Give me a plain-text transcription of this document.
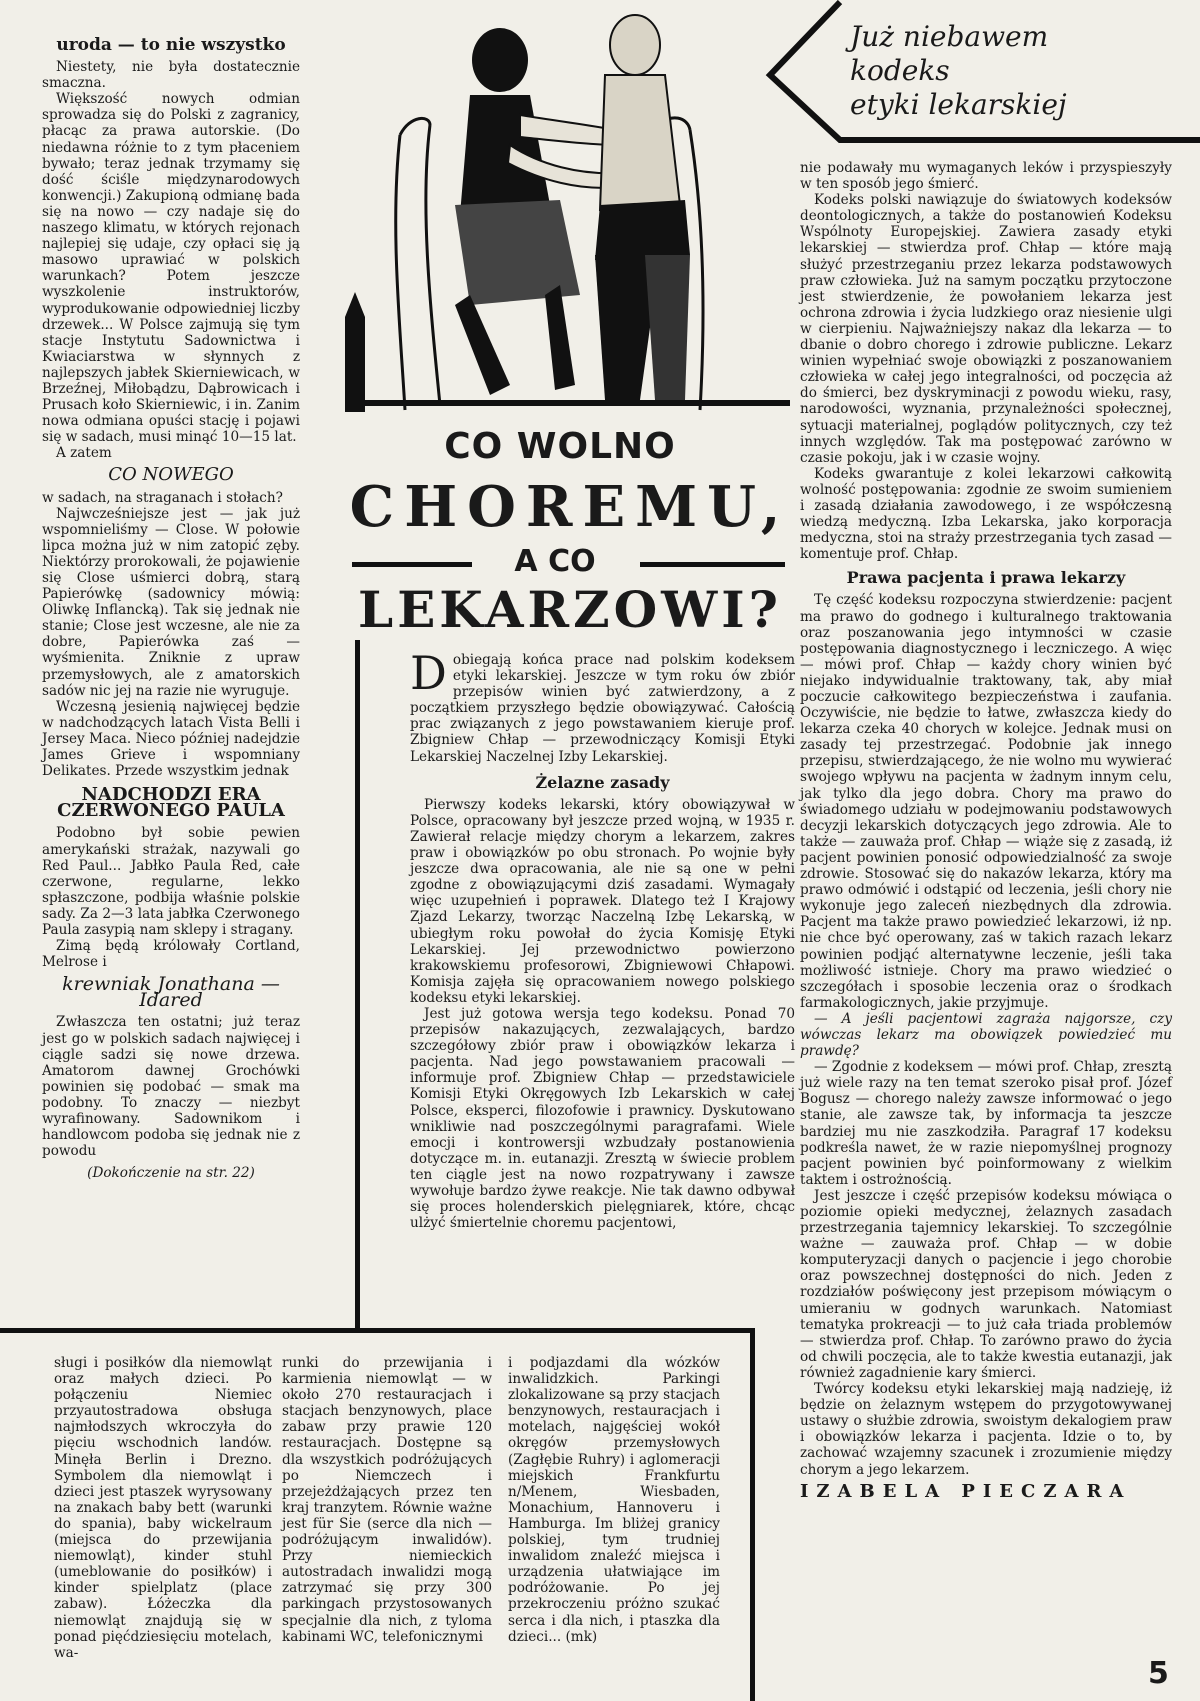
uroda — to nie wszystko

Niestety, nie była dostatecznie smaczna.

Większość nowych odmian sprowadza się do Polski z zagranicy, płacąc za prawa autorskie. (Do niedawna różnie to z tym płaceniem bywało; teraz jednak trzymamy się dość ściśle międzynarodowych konwencji.) Zakupioną odmianę bada się na nowo — czy nadaje się do naszego klimatu, w których rejonach najlepiej się udaje, czy opłaci się ją masowo uprawiać w polskich warunkach? Potem jeszcze wyszkolenie instruktorów, wyprodukowanie odpowiedniej liczby drzewek... W Polsce zajmują się tym stacje Instytutu Sadownictwa i Kwiaciarstwa w słynnych z najlepszych jabłek Skierniewicach, w Brzeźnej, Miłobądzu, Dąbrowicach i Prusach koło Skierniewic, i in. Zanim nowa odmiana opuści stację i pojawi się w sadach, musi minąć 10—15 lat.

A zatem

CO NOWEGO

w sadach, na straganach i stołach?

Najwcześniejsze jest — jak już wspomnieliśmy — Close. W połowie lipca można już w nim zatopić zęby. Niektórzy prorokowali, że pojawienie się Close uśmierci dobrą, starą Papierówkę (sadownicy mówią: Oliwkę Inflancką). Tak się jednak nie stanie; Close jest wczesne, ale nie za dobre, Papierówka zaś — wyśmienita. Zniknie z upraw przemysłowych, ale z amatorskich sadów nic jej na razie nie wyruguje.

Wczesną jesienią najwięcej będzie w nadchodzących latach Vista Belli i Jersey Maca. Nieco później nadejdzie James Grieve i wspomniany Delikates. Przede wszystkim jednak

NADCHODZI ERA CZERWONEGO PAULA

Podobno był sobie pewien amerykański strażak, nazywali go Red Paul... Jabłko Paula Red, całe czerwone, regularne, lekko spłaszczone, podbija właśnie polskie sady. Za 2—3 lata jabłka Czerwonego Paula zasypią nam sklepy i stragany.

Zimą będą królowały Cortland, Melrose i

krewniak Jonathana — Idared

Zwłaszcza ten ostatni; już teraz jest go w polskich sadach najwięcej i ciągle sadzi się nowe drzewa. Amatorom dawnej Grochówki powinien się podobać — smak ma podobny. To znaczy — niezbyt wyrafinowany. Sadownikom i handlowcom podoba się jednak nie z powodu

(Dokończenie na str. 22)
Już niebawem
kodeks
etyki lekarskiej
CO WOLNO
CHOREMU,
A CO
LEKARZOWI?

Dobiegają końca prace nad polskim kodeksem etyki lekarskiej. Jeszcze w tym roku ów zbiór przepisów winien być zatwierdzony, a z początkiem przyszłego będzie obowiązywać. Całością prac związanych z jego powstawaniem kieruje prof. Zbigniew Chłap — przewodniczący Komisji Etyki Lekarskiej Naczelnej Izby Lekarskiej.

Żelazne zasady

Pierwszy kodeks lekarski, który obowiązywał w Polsce, opracowany był jeszcze przed wojną, w 1935 r. Zawierał relacje między chorym a lekarzem, zakres praw i obowiązków po obu stronach. Po wojnie były jeszcze dwa opracowania, ale nie są one w pełni zgodne z obowiązującymi dziś zasadami. Wymagały więc uzupełnień i poprawek. Dlatego też I Krajowy Zjazd Lekarzy, tworząc Naczelną Izbę Lekarską, w ubiegłym roku powołał do życia Komisję Etyki Lekarskiej. Jej przewodnictwo powierzono krakowskiemu profesorowi, Zbigniewowi Chłapowi. Komisja zajęła się opracowaniem nowego polskiego kodeksu etyki lekarskiej.

Jest już gotowa wersja tego kodeksu. Ponad 70 przepisów nakazujących, zezwalających, bardzo szczegółowy zbiór praw i obowiązków lekarza i pacjenta. Nad jego powstawaniem pracowali — informuje prof. Zbigniew Chłap — przedstawiciele Komisji Etyki Okręgowych Izb Lekarskich w całej Polsce, eksperci, filozofowie i prawnicy. Dyskutowano wnikliwie nad poszczególnymi paragrafami. Wiele emocji i kontrowersji wzbudzały postanowienia dotyczące m. in. eutanazji. Zresztą w świecie problem ten ciągle jest na nowo rozpatrywany i zawsze wywołuje bardzo żywe reakcje. Nie tak dawno odbywał się proces holenderskich pielęgniarek, które, chcąc ulżyć śmiertelnie choremu pacjentowi,

nie podawały mu wymaganych leków i przyspieszyły w ten sposób jego śmierć.

Kodeks polski nawiązuje do światowych kodeksów deontologicznych, a także do postanowień Kodeksu Wspólnoty Europejskiej. Zawiera zasady etyki lekarskiej — stwierdza prof. Chłap — które mają służyć przestrzeganiu przez lekarza podstawowych praw człowieka. Już na samym początku przytoczone jest stwierdzenie, że powołaniem lekarza jest ochrona zdrowia i życia ludzkiego oraz niesienie ulgi w cierpieniu. Najważniejszy nakaz dla lekarza — to dbanie o dobro chorego i zdrowie publiczne. Lekarz winien wypełniać swoje obowiązki z poszanowaniem człowieka w całej jego integralności, od poczęcia aż do śmierci, bez dyskryminacji z powodu wieku, rasy, narodowości, wyznania, przynależności społecznej, sytuacji materialnej, poglądów politycznych, czy też innych względów. Tak ma postępować zarówno w czasie pokoju, jak i w czasie wojny.

Kodeks gwarantuje z kolei lekarzowi całkowitą wolność postępowania: zgodnie ze swoim sumieniem i zasadą działania zawodowego, i ze współczesną wiedzą medyczną. Izba Lekarska, jako korporacja medyczna, stoi na straży przestrzegania tych zasad — komentuje prof. Chłap.

Prawa pacjenta i prawa lekarzy

Tę część kodeksu rozpoczyna stwierdzenie: pacjent ma prawo do godnego i kulturalnego traktowania oraz poszanowania jego intymności w czasie postępowania diagnostycznego i leczniczego. A więc — mówi prof. Chłap — każdy chory winien być niejako indywidualnie traktowany, tak, aby miał poczucie całkowitego bezpieczeństwa i zaufania. Oczywiście, nie będzie to łatwe, zwłaszcza kiedy do lekarza czeka 40 chorych w kolejce. Jednak musi on zasady tej przestrzegać. Podobnie jak innego przepisu, stwierdzającego, że nie wolno mu wywierać swojego wpływu na pacjenta w żadnym innym celu, jak tylko dla jego dobra. Chory ma prawo do świadomego udziału w podejmowaniu podstawowych decyzji lekarskich dotyczących jego zdrowia. Ale to także — zauważa prof. Chłap — wiąże się z zasadą, iż pacjent powinien ponosić odpowiedzialność za swoje zdrowie. Stosować się do nakazów lekarza, który ma prawo odmówić i odstąpić od leczenia, jeśli chory nie wykonuje jego zaleceń niezbędnych dla zdrowia. Pacjent ma także prawo powiedzieć lekarzowi, iż np. nie chce być operowany, zaś w takich razach lekarz powinien podjąć alternatywne leczenie, jeśli taka możliwość istnieje. Chory ma prawo wiedzieć o szczegółach i sposobie leczenia oraz o środkach farmakologicznych, jakie przyjmuje.

— A jeśli pacjentowi zagraża najgorsze, czy wówczas lekarz ma obowiązek powiedzieć mu prawdę?

— Zgodnie z kodeksem — mówi prof. Chłap, zresztą już wiele razy na ten temat szeroko pisał prof. Józef Bogusz — chorego należy zawsze informować o jego stanie, ale zawsze tak, by informacja ta jeszcze bardziej mu nie zaszkodziła. Paragraf 17 kodeksu podkreśla nawet, że w razie niepomyślnej prognozy pacjent powinien być poinformowany z wielkim taktem i ostrożnością.

Jest jeszcze i część przepisów kodeksu mówiąca o poziomie opieki medycznej, żelaznych zasadach przestrzegania tajemnicy lekarskiej. To szczególnie ważne — zauważa prof. Chłap — w dobie komputeryzacji danych o pacjencie i jego chorobie oraz powszechnej dostępności do nich. Jeden z rozdziałów poświęcony jest przepisom mówiącym o umieraniu w godnych warunkach. Natomiast tematyka prokreacji — to już cała triada problemów — stwierdza prof. Chłap. To zarówno prawo do życia od chwili poczęcia, ale to także kwestia eutanazji, jak również zagadnienie kary śmierci.

Twórcy kodeksu etyki lekarskiej mają nadzieję, iż będzie on żelaznym wstępem do przygotowywanej ustawy o służbie zdrowia, swoistym dekalogiem praw i obowiązków lekarza i pacjenta. Idzie o to, by zachować wzajemny szacunek i zrozumienie między chorym a jego lekarzem.

IZABELA PIECZARA
sługi i posiłków dla niemowląt oraz małych dzieci. Po połączeniu Niemiec przyautostradowa obsługa najmłodszych wkroczyła do pięciu wschodnich landów. Minęła Berlin i Drezno. Symbolem dla niemowląt i dzieci jest ptaszek wyrysowany na znakach baby bett (warunki do spania), baby wickelraum (miejsca do przewijania niemowląt), kinder stuhl (umeblowanie do posiłków) i kinder spielplatz (place zabaw). Łóżeczka dla niemowląt znajdują się w ponad pięćdziesięciu motelach, wa-
runki do przewijania i karmienia niemowląt — w około 270 restauracjach i stacjach benzynowych, place zabaw przy prawie 120 restauracjach. Dostępne są dla wszystkich podróżujących po Niemczech i przejeżdżających przez ten kraj tranzytem. Równie ważne jest für Sie (serce dla nich — podróżującym inwalidów). Przy niemieckich autostradach inwalidzi mogą zatrzymać się przy 300 parkingach przystosowanych specjalnie dla nich, z tyloma kabinami WC, telefonicznymi
i podjazdami dla wózków inwalidzkich. Parkingi zlokalizowane są przy stacjach benzynowych, restauracjach i motelach, najgęściej wokół okręgów przemysłowych (Zagłębie Ruhry) i aglomeracji miejskich Frankfurtu n/Menem, Wiesbaden, Monachium, Hannoveru i Hamburga. Im bliżej granicy polskiej, tym trudniej inwalidom znaleźć miejsca i urządzenia ułatwiające im podróżowanie. Po jej przekroczeniu próżno szukać serca i dla nich, i ptaszka dla dzieci... (mk)
5
